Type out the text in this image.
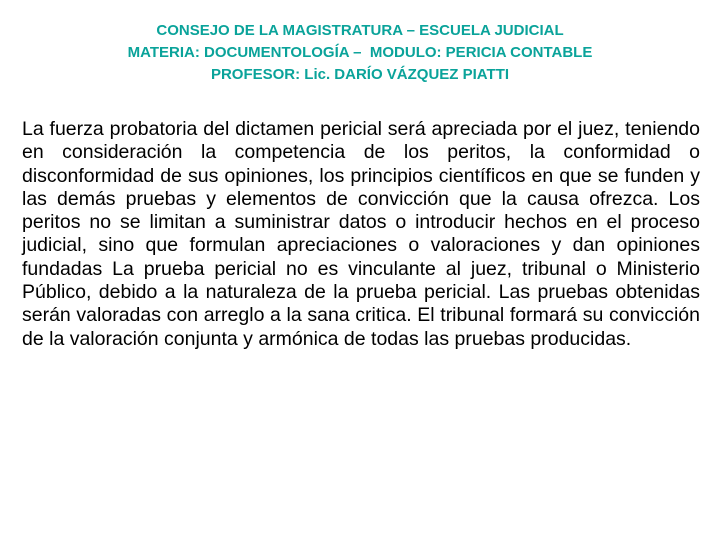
CONSEJO DE LA MAGISTRATURA – ESCUELA JUDICIAL
MATERIA: DOCUMENTOLOGÍA –  MODULO: PERICIA CONTABLE
PROFESOR: Lic. DARÍO VÁZQUEZ PIATTI
La fuerza probatoria del dictamen pericial será apreciada por el juez, teniendo en consideración la competencia de los peritos, la conformidad o disconformidad de sus opiniones, los principios científicos en que se funden y las demás pruebas y elementos de convicción que la causa ofrezca. Los peritos no se limitan a suministrar datos o introducir hechos en el proceso judicial, sino que formulan apreciaciones o valoraciones y dan opiniones fundadas La prueba pericial no es vinculante al juez, tribunal o Ministerio Público, debido a la naturaleza de la prueba pericial. Las pruebas obtenidas serán valoradas con arreglo a la sana critica. El tribunal formará su convicción de la valoración conjunta y armónica de todas las pruebas producidas.
